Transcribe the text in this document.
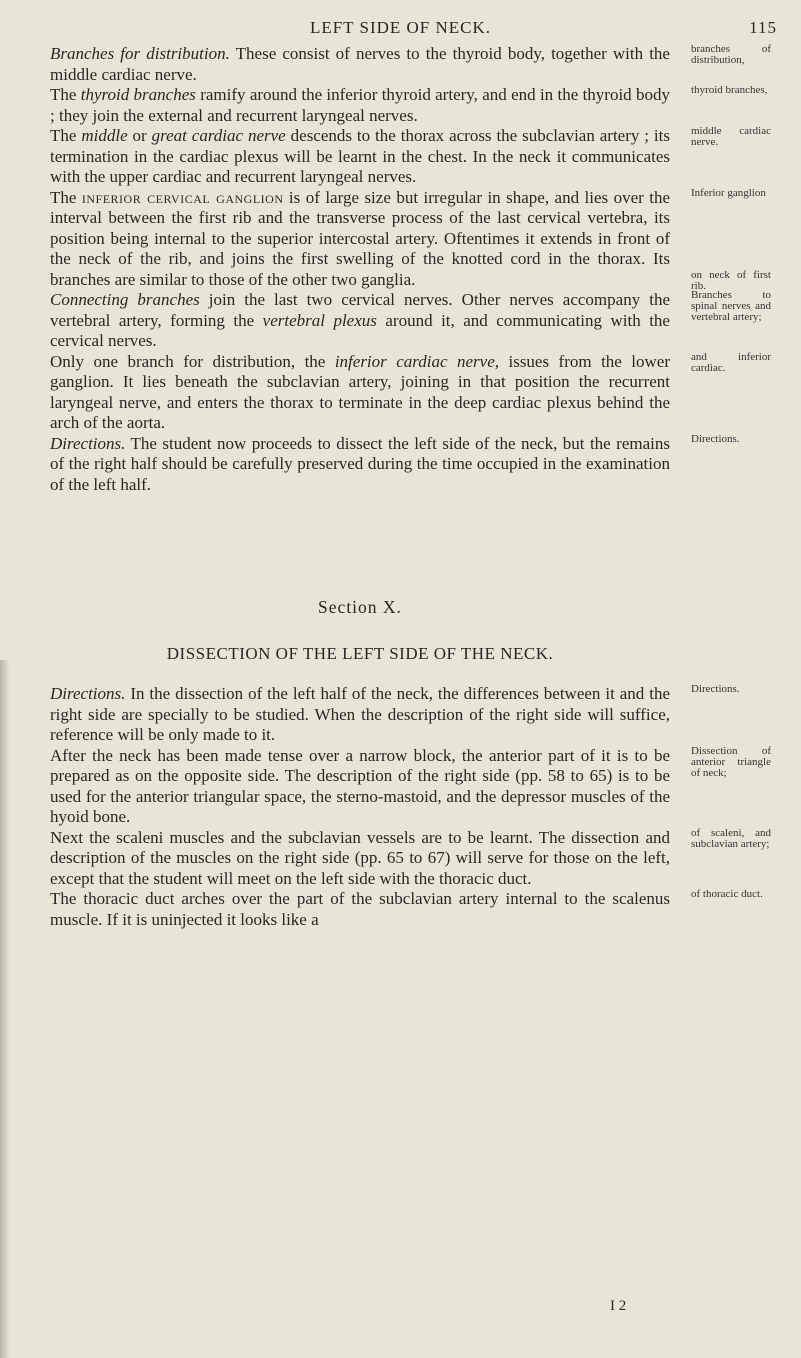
LEFT SIDE OF NECK.	115

Branches for distribution. These consist of nerves to the thyroid body, together with the middle cardiac nerve.
branches of distribution,

The thyroid branches ramify around the inferior thyroid artery, and end in the thyroid body ; they join the external and recurrent laryngeal nerves.
thyroid branches,

The middle or great cardiac nerve descends to the thorax across the subclavian artery ; its termination in the cardiac plexus will be learnt in the chest. In the neck it communicates with the upper cardiac and recurrent laryngeal nerves.
middle cardiac nerve.

The inferior cervical ganglion is of large size but irregular in shape, and lies over the interval between the first rib and the transverse process of the last cervical vertebra, its position being internal to the superior intercostal artery. Oftentimes it extends in front of the neck of the rib, and joins the first swelling of the knotted cord in the thorax. Its branches are similar to those of the other two ganglia.
Inferior ganglion
on neck of first rib.

Connecting branches join the last two cervical nerves. Other nerves accompany the vertebral artery, forming the vertebral plexus around it, and communicating with the cervical nerves.
Branches to spinal nerves and vertebral artery;

Only one branch for distribution, the inferior cardiac nerve, issues from the lower ganglion. It lies beneath the subclavian artery, joining in that position the recurrent laryngeal nerve, and enters the thorax to terminate in the deep cardiac plexus behind the arch of the aorta.
and inferior cardiac.

Directions. The student now proceeds to dissect the left side of the neck, but the remains of the right half should be carefully preserved during the time occupied in the examination of the left half.
Directions.

Section X.

DISSECTION OF THE LEFT SIDE OF THE NECK.

Directions. In the dissection of the left half of the neck, the differences between it and the right side are specially to be studied. When the description of the right side will suffice, reference will be only made to it.
Directions.

After the neck has been made tense over a narrow block, the anterior part of it is to be prepared as on the opposite side. The description of the right side (pp. 58 to 65) is to be used for the anterior triangular space, the sterno-mastoid, and the depressor muscles of the hyoid bone.
Dissection of anterior triangle of neck;

Next the scaleni muscles and the subclavian vessels are to be learnt. The dissection and description of the muscles on the right side (pp. 65 to 67) will serve for those on the left, except that the student will meet on the left side with the thoracic duct.
of scaleni, and subclavian artery;

The thoracic duct arches over the part of the subclavian artery internal to the scalenus muscle. If it is uninjected it looks like a
of thoracic duct.

I 2
